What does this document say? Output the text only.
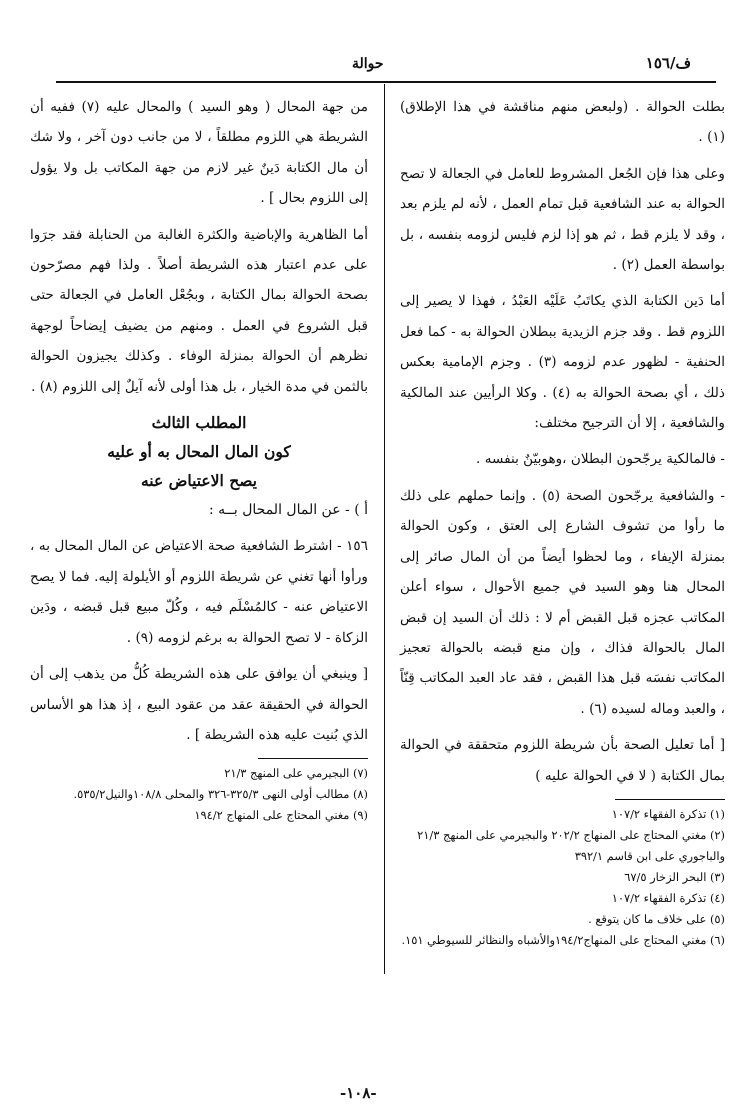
ف/١٥٦
حوالة

بطلت الحوالة . (ولبعض منهم مناقشة في هذا الإطلاق) (١) .

وعلى هذا فإن الجُعل المشروط للعامل في الجعالة لا تصح الحوالة به عند الشافعية قبل تمام العمل ، لأنه لم يلزم بعد ، وقد لا يلزم قط ، ثم هو إذا لزم فليس لزومه بنفسه ، بل بواسطة العمل (٢) .

أما دَين الكتابة الذي يكاتَبُ عَلَيْه العَبْدُ ، فهذا لا يصير إلى اللزوم قط . وقد جزم الزيدية ببطلان الحوالة به - كما فعل الحنفية - لظهور عدم لزومه (٣) . وجزم الإمامية بعكس ذلك ، أي بصحة الحوالة به (٤) . وكلا الرأيين عند المالكية والشافعية ، إلا أن الترجيح مختلف:

- فالمالكية يرجّحون البطلان ،وهوبيّنٌ بنفسه .

- والشافعية يرجّحون الصحة (٥) . وإنما حملهم على ذلك ما رأوا من تشوف الشارع إلى العتق ، وكون الحوالة بمنزلة الإيفاء ، وما لحظوا أيضاً من أن المال صائر إلى المحال هنا وهو السيد في جميع الأحوال ، سواء أعلن المكاتب عجزه قبل القبض أم لا : ذلك أن السيد إن قبض المال بالحوالة فذاك ، وإن منع قبضه بالحوالة تعجيز المكاتب نفسَه قبل هذا القبض ، فقد عاد العبد المكاتب قِنّاً ، والعبد وماله لسيده (٦) .

[ أما تعليل الصحة بأن شريطة اللزوم متحققة في الحوالة بمال الكتابة ( لا في الحوالة عليه )

(١) تذكرة الفقهاء ١٠٧/٢
(٢) مغني المحتاج على المنهاج ٢٠٢/٢ والبجيرمي على المنهج ٢١/٣
والباجوري على ابن قاسم ٣٩٢/١
(٣) البحر الزخار ٦٧/٥
(٤) تذكرة الفقهاء ١٠٧/٢
(٥) على خلاف ما كان يتوقع .
(٦) مغني المحتاج على المنهاج١٩٤/٢والأشباه والنظائر للسيوطي ١٥١.

من جهة المحال ( وهو السيد ) والمحال عليه (٧) ففيه أن الشريطة هي اللزوم مطلقاً ، لا من جانب دون آخر ، ولا شك أن مال الكتابة دَينٌ غير لازم من جهة المكاتب بل ولا يؤول إلى اللزوم بحال ] .

أما الظاهرية والإباضية والكثرة الغالبة من الحنابلة فقد جرَوا على عدم اعتبار هذه الشريطة أصلاً . ولذا فهم مصرّحون بصحة الحوالة بمال الكتابة ، وبجُعْل العامل في الجعالة حتى قبل الشروع في العمل . ومنهم من يضيف إيضاحاً لوجهة نظرهم أن الحوالة بمنزلة الوفاء . وكذلك يجيزون الحوالة بالثمن في مدة الخيار ، بل هذا أولى لأنه آيلٌ إلى اللزوم (٨) .

المطلب الثالث
كون المال المحال به أو عليه
يصح الاعتياض عنه

أ ) - عن المال المحال بــه :

١٥٦ - اشترط الشافعية صحة الاعتياض عن المال المحال به ، ورأوا أنها تغني عن شريطة اللزوم أو الأيلولة إليه. فما لا يصح الاعتياض عنه - كالمُسْلَم فيه ، وكُلّ مبيع قبل قبضه ، ودَين الزكاة - لا تصح الحوالة به برغم لزومه (٩) .

[ وينبغي أن يوافق على هذه الشريطة كُلُّ من يذهب إلى أن الحوالة في الحقيقة عقد من عقود البيع ، إذ هذا هو الأساس الذي بُنيت عليه هذه الشريطة ] .

(٧) البجيرمي على المنهج ٢١/٣
(٨) مطالب أولى النهى ٣٢٥/٣-٣٢٦ والمحلى ١٠٨/٨والنيل٥٣٥/٢.
(٩) مغني المحتاج على المنهاج ١٩٤/٢
-١٠٨-
